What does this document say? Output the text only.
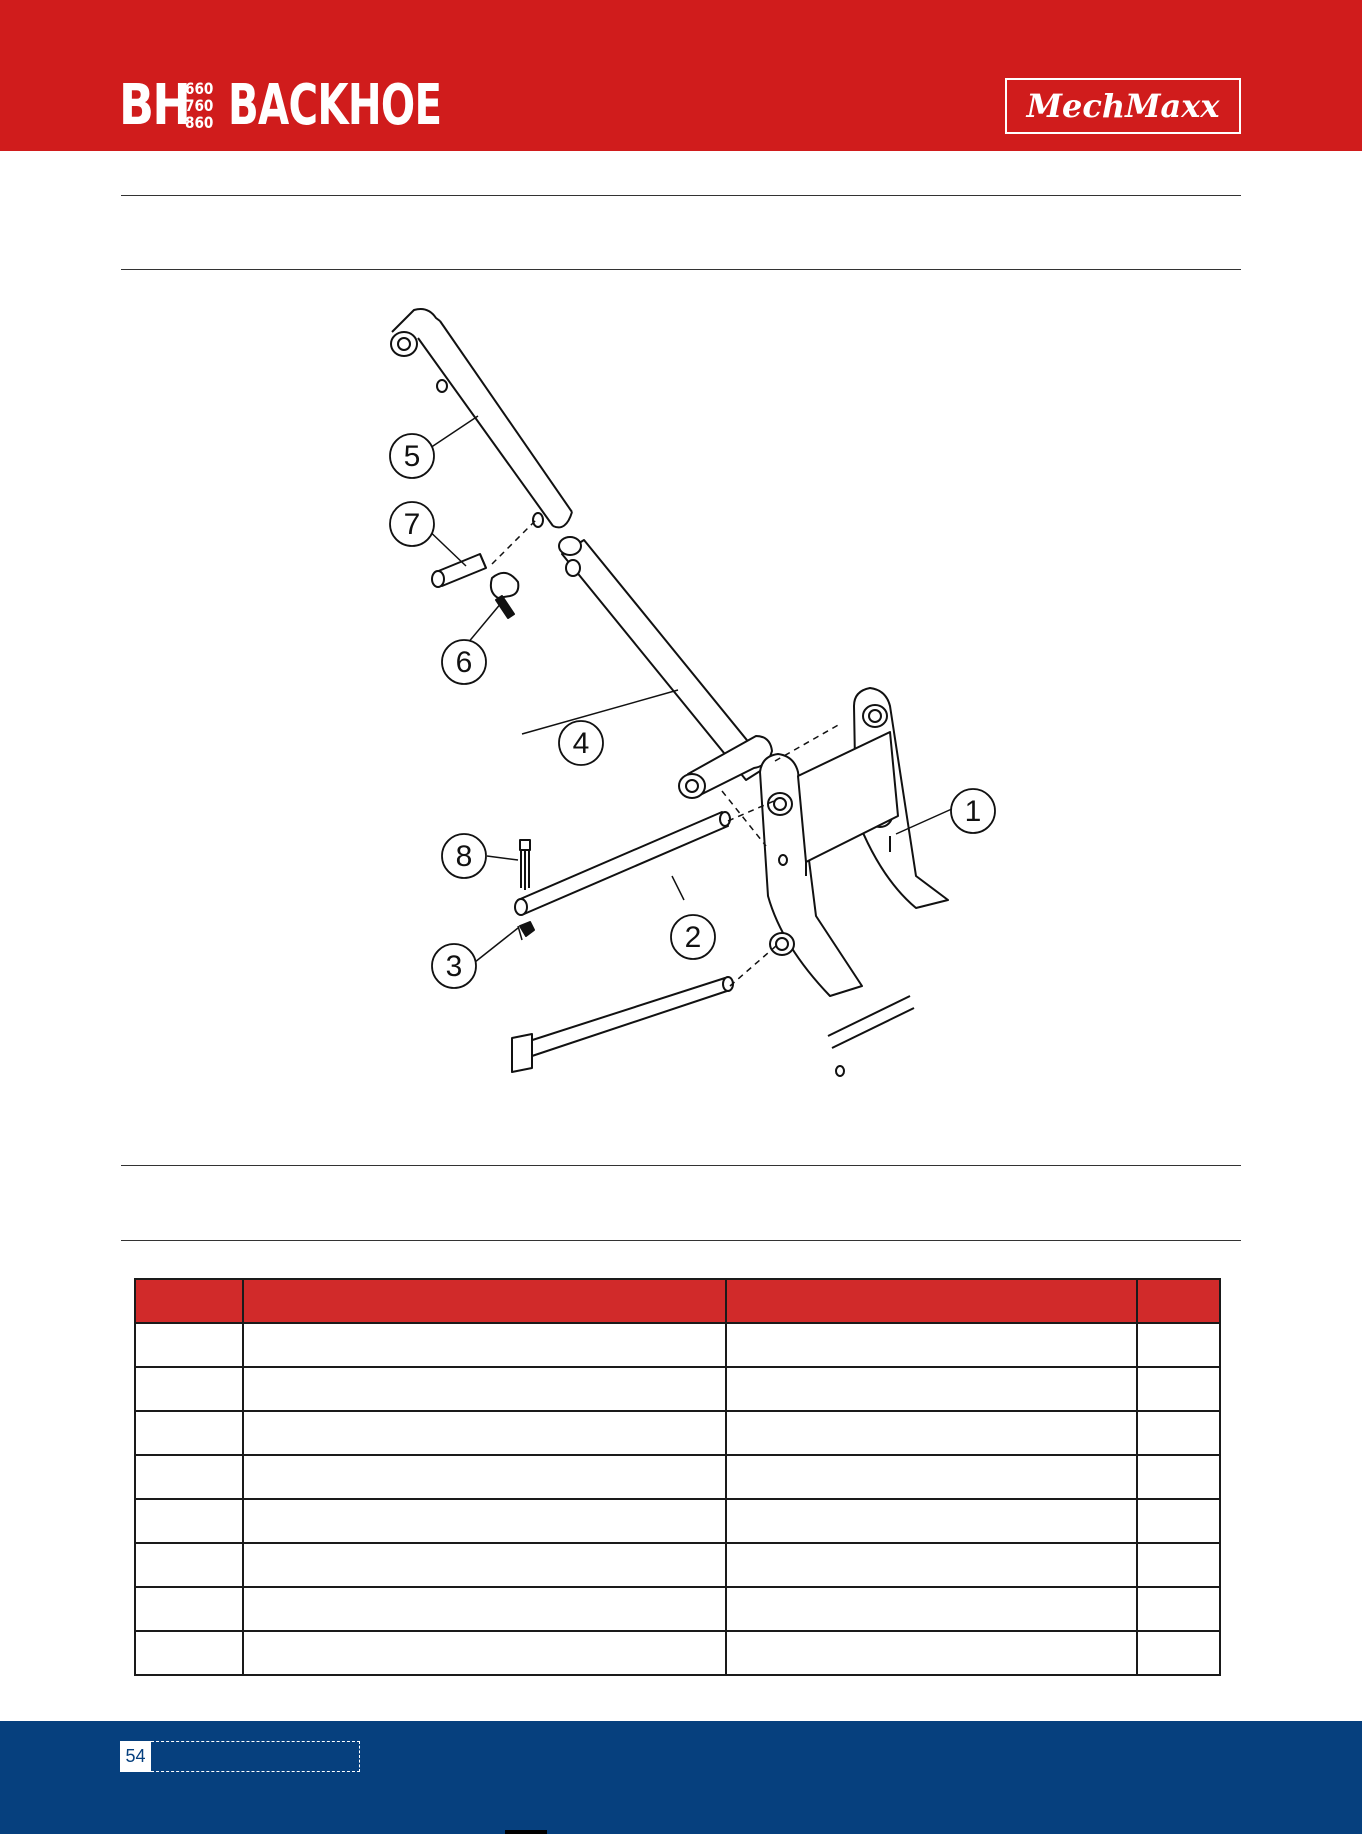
BH
660
760
860 BACKHOE	MechMaxx
5
7
6
4
1
8
2
3

54
